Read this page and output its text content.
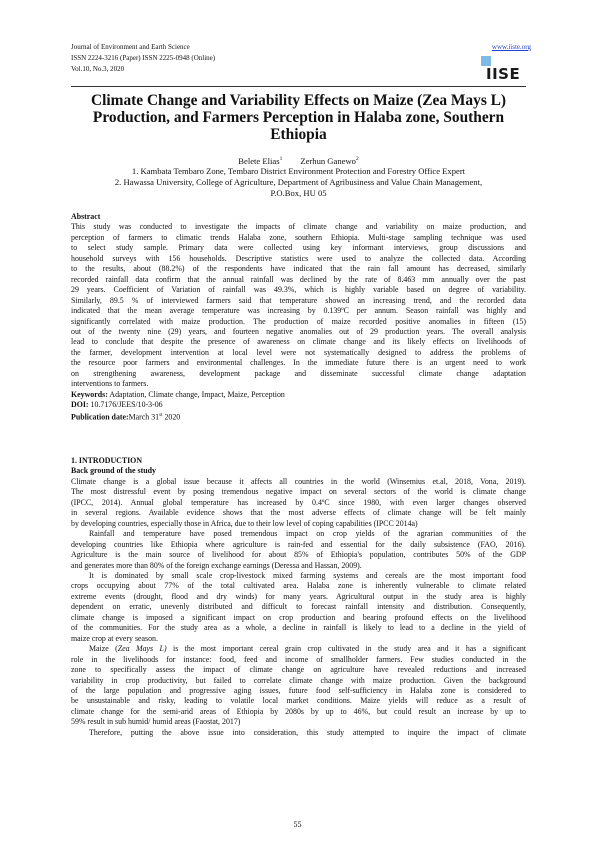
Journal of Environment and Earth Science
ISSN 2224-3216 (Paper) ISSN 2225-0948 (Online)
Vol.10, No.3, 2020
www.iiste.org
IISE
Climate Change and Variability Effects on Maize (Zea Mays L) Production, and Farmers Perception in Halaba zone, Southern Ethiopia
Belete Elias$^1$ Zerhun Ganewo$^2$
1. Kambata Tembaro Zone, Tembaro District Environment Protection and Forestry Office Expert
2. Hawassa University, College of Agriculture, Department of Agribusiness and Value Chain Management,
P.O.Box, HU 05
Abstract
This study was conducted to investigate the impacts of climate change and variability on maize production, and
perception of farmers to climatic trends Halaba zone, southern Ethiopia. Multi-stage sampling technique was used
to select study sample. Primary data were collected using key informant interviews, group discussions and
household surveys with 156 households. Descriptive statistics were used to analyze the collected data. According
to the results, about (88.2%) of the respondents have indicated that the rain fall amount has decreased, similarly
recorded rainfall data confirm that the annual rainfall was declined by the rate of 8.463 mm annually over the past
29 years. Coefficient of Variation of rainfall was 49.3%, which is highly variable based on degree of variability.
Similarly, 89.5 % of interviewed farmers said that temperature showed an increasing trend, and the recorded data
indicated that the mean average temperature was increasing by 0.139ºC per annum. Season rainfall was highly and
significantly correlated with maize production. The production of maize recorded positive anomalies in fifteen (15)
out of the twenty nine (29) years, and fourteen negative anomalies out of 29 production years. The overall analysis
lead to conclude that despite the presence of awareness on climate change and its likely effects on livelihoods of
the farmer, development intervention at local level were not systematically designed to address the problems of
the resource poor farmers and environmental challenges. In the immediate future there is an urgent need to work
on strengthening awareness, development package and disseminate successful climate change adaptation
interventions to farmers.
Keywords: Adaptation, Climate change, Impact, Maize, Perception
DOI: 10.7176/JEES/10-3-06
Publication date:March 31st 2020
1. INTRODUCTION
Back ground of the study
Climate change is a global issue because it affects all countries in the world (Winsemius et.al, 2018, Vona, 2019).
The most distressful event by posing tremendous negative impact on several sectors of the world is climate change
(IPCC, 2014). Annual global temperature has increased by 0.4ºC since 1980, with even larger changes observed
in several regions. Available evidence shows that the most adverse effects of climate change will be felt mainly
by developing countries, especially those in Africa, due to their low level of coping capabilities (IPCC 2014a)
Rainfall and temperature have posed tremendous impact on crop yields of the agrarian communities of the
developing countries like Ethiopia where agriculture is rain-fed and essential for the daily subsistence (FAO, 2016).
Agriculture is the main source of livelihood for about 85% of Ethiopia's population, contributes 50% of the GDP
and generates more than 80% of the foreign exchange earnings (Deressa and Hassan, 2009).
It is dominated by small scale crop-livestock mixed farming systems and cereals are the most important food
crops occupying about 77% of the total cultivated area. Halaba zone is inherently vulnerable to climate related
extreme events (drought, flood and dry winds) for many years. Agricultural output in the study area is highly
dependent on erratic, unevenly distributed and difficult to forecast rainfall intensity and distribution. Consequently,
climate change is imposed a significant impact on crop production and bearing profound effects on the livelihood
of the communities. For the study area as a whole, a decline in rainfall is likely to lead to a decline in the yield of
maize crop at every season.
Maize (Zea Mays L) is the most important cereal grain crop cultivated in the study area and it has a significant
role in the livelihoods for instance: food, feed and income of smallholder farmers. Few studies conducted in the
zone to specifically assess the impact of climate change on agriculture have revealed reductions and increased
variability in crop productivity, but failed to correlate climate change with maize production. Given the background
of the large population and progressive aging issues, future food self-sufficiency in Halaba zone is considered to
be unsustainable and risky, leading to volatile local market conditions. Maize yields will reduce as a result of
climate change for the semi-arid areas of Ethiopia by 2080s by up to 46%, but could result an increase by up to
59% result in sub humid/ humid areas (Faostat, 2017)
Therefore, putting the above issue into consideration, this study attempted to inquire the impact of climate
55
